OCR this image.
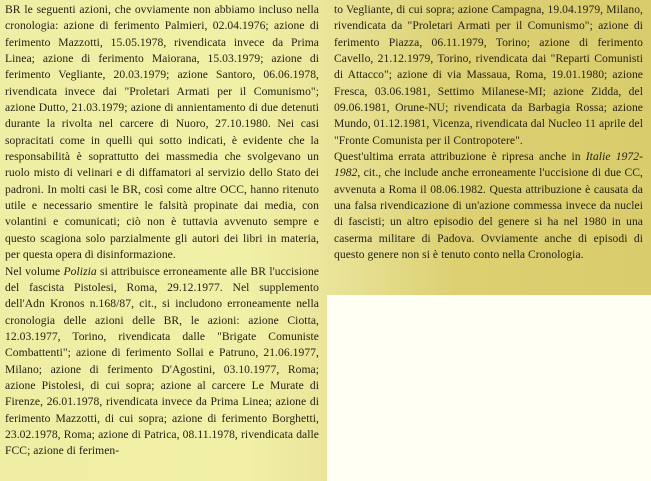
BR le seguenti azioni, che ovviamente non abbiamo incluso nella cronologia: azione di ferimento Palmieri, 02.04.1976; azione di ferimento Mazzotti, 15.05.1978, rivendicata invece da Prima Linea; azione di ferimento Maiorana, 15.03.1979; azione di ferimento Vegliante, 20.03.1979; azione Santoro, 06.06.1978, rivendicata invece dai "Proletari Armati per il Comunismo"; azione Dutto, 21.03.1979; azione di annientamento di due detenuti durante la rivolta nel carcere di Nuoro, 27.10.1980. Nei casi sopracitati come in quelli qui sotto indicati, è evidente che la responsabilità è soprattutto dei massmedia che svolgevano un ruolo misto di velinari e di diffamatori al servizio dello Stato dei padroni. In molti casi le BR, così come altre OCC, hanno ritenuto utile e necessario smentire le falsità propinate dai media, con volantini e comunicati; ciò non è tuttavia avvenuto sempre e questo scagiona solo parzialmente gli autori dei libri in materia, per questa opera di disinformazione.

Nel volume Polizia si attribuisce erroneamente alle BR l'uccisione del fascista Pistolesi, Roma, 29.12.1977. Nel supplemento dell'Adn Kronos n.168/87, cit., si includono erroneamente nella cronologia delle azioni delle BR, le azioni: azione Ciotta, 12.03.1977, Torino, rivendicata dalle "Brigate Comuniste Combattenti"; azione di ferimento Sollai e Patruno, 21.06.1977, Milano; azione di ferimento D'Agostini, 03.10.1977, Roma; azione Pistolesi, di cui sopra; azione al carcere Le Murate di Firenze, 26.01.1978, rivendicata invece da Prima Linea; azione di ferimento Mazzotti, di cui sopra; azione di ferimento Borghetti, 23.02.1978, Roma; azione di Patrica, 08.11.1978, rivendicata dalle FCC; azione di ferimen-

to Vegliante, di cui sopra; azione Campagna, 19.04.1979, Milano, rivendicata da "Proletari Armati per il Comunismo"; azione di ferimento Piazza, 06.11.1979, Torino; azione di ferimento Cavello, 21.12.1979, Torino, rivendicata dai "Reparti Comunisti di Attacco"; azione di via Massaua, Roma, 19.01.1980; azione Fresca, 03.06.1981, Settimo Milanese-MI; azione Zidda, del 09.06.1981, Orune-NU; rivendicata da Barbagia Rossa; azione Mundo, 01.12.1981, Vicenza, rivendicata dal Nucleo 11 aprile del "Fronte Comunista per il Contropotere".

Quest'ultima errata attribuzione è ripresa anche in Italie 1972-1982, cit., che include anche erroneamente l'uccisione di due CC, avvenuta a Roma il 08.06.1982. Questa attribuzione è causata da una falsa rivendicazione di un'azione commessa invece da nuclei di fascisti; un altro episodio del genere si ha nel 1980 in una caserma militare di Padova. Ovviamente anche di episodi di questo genere non si è tenuto conto nella Cronologia.
